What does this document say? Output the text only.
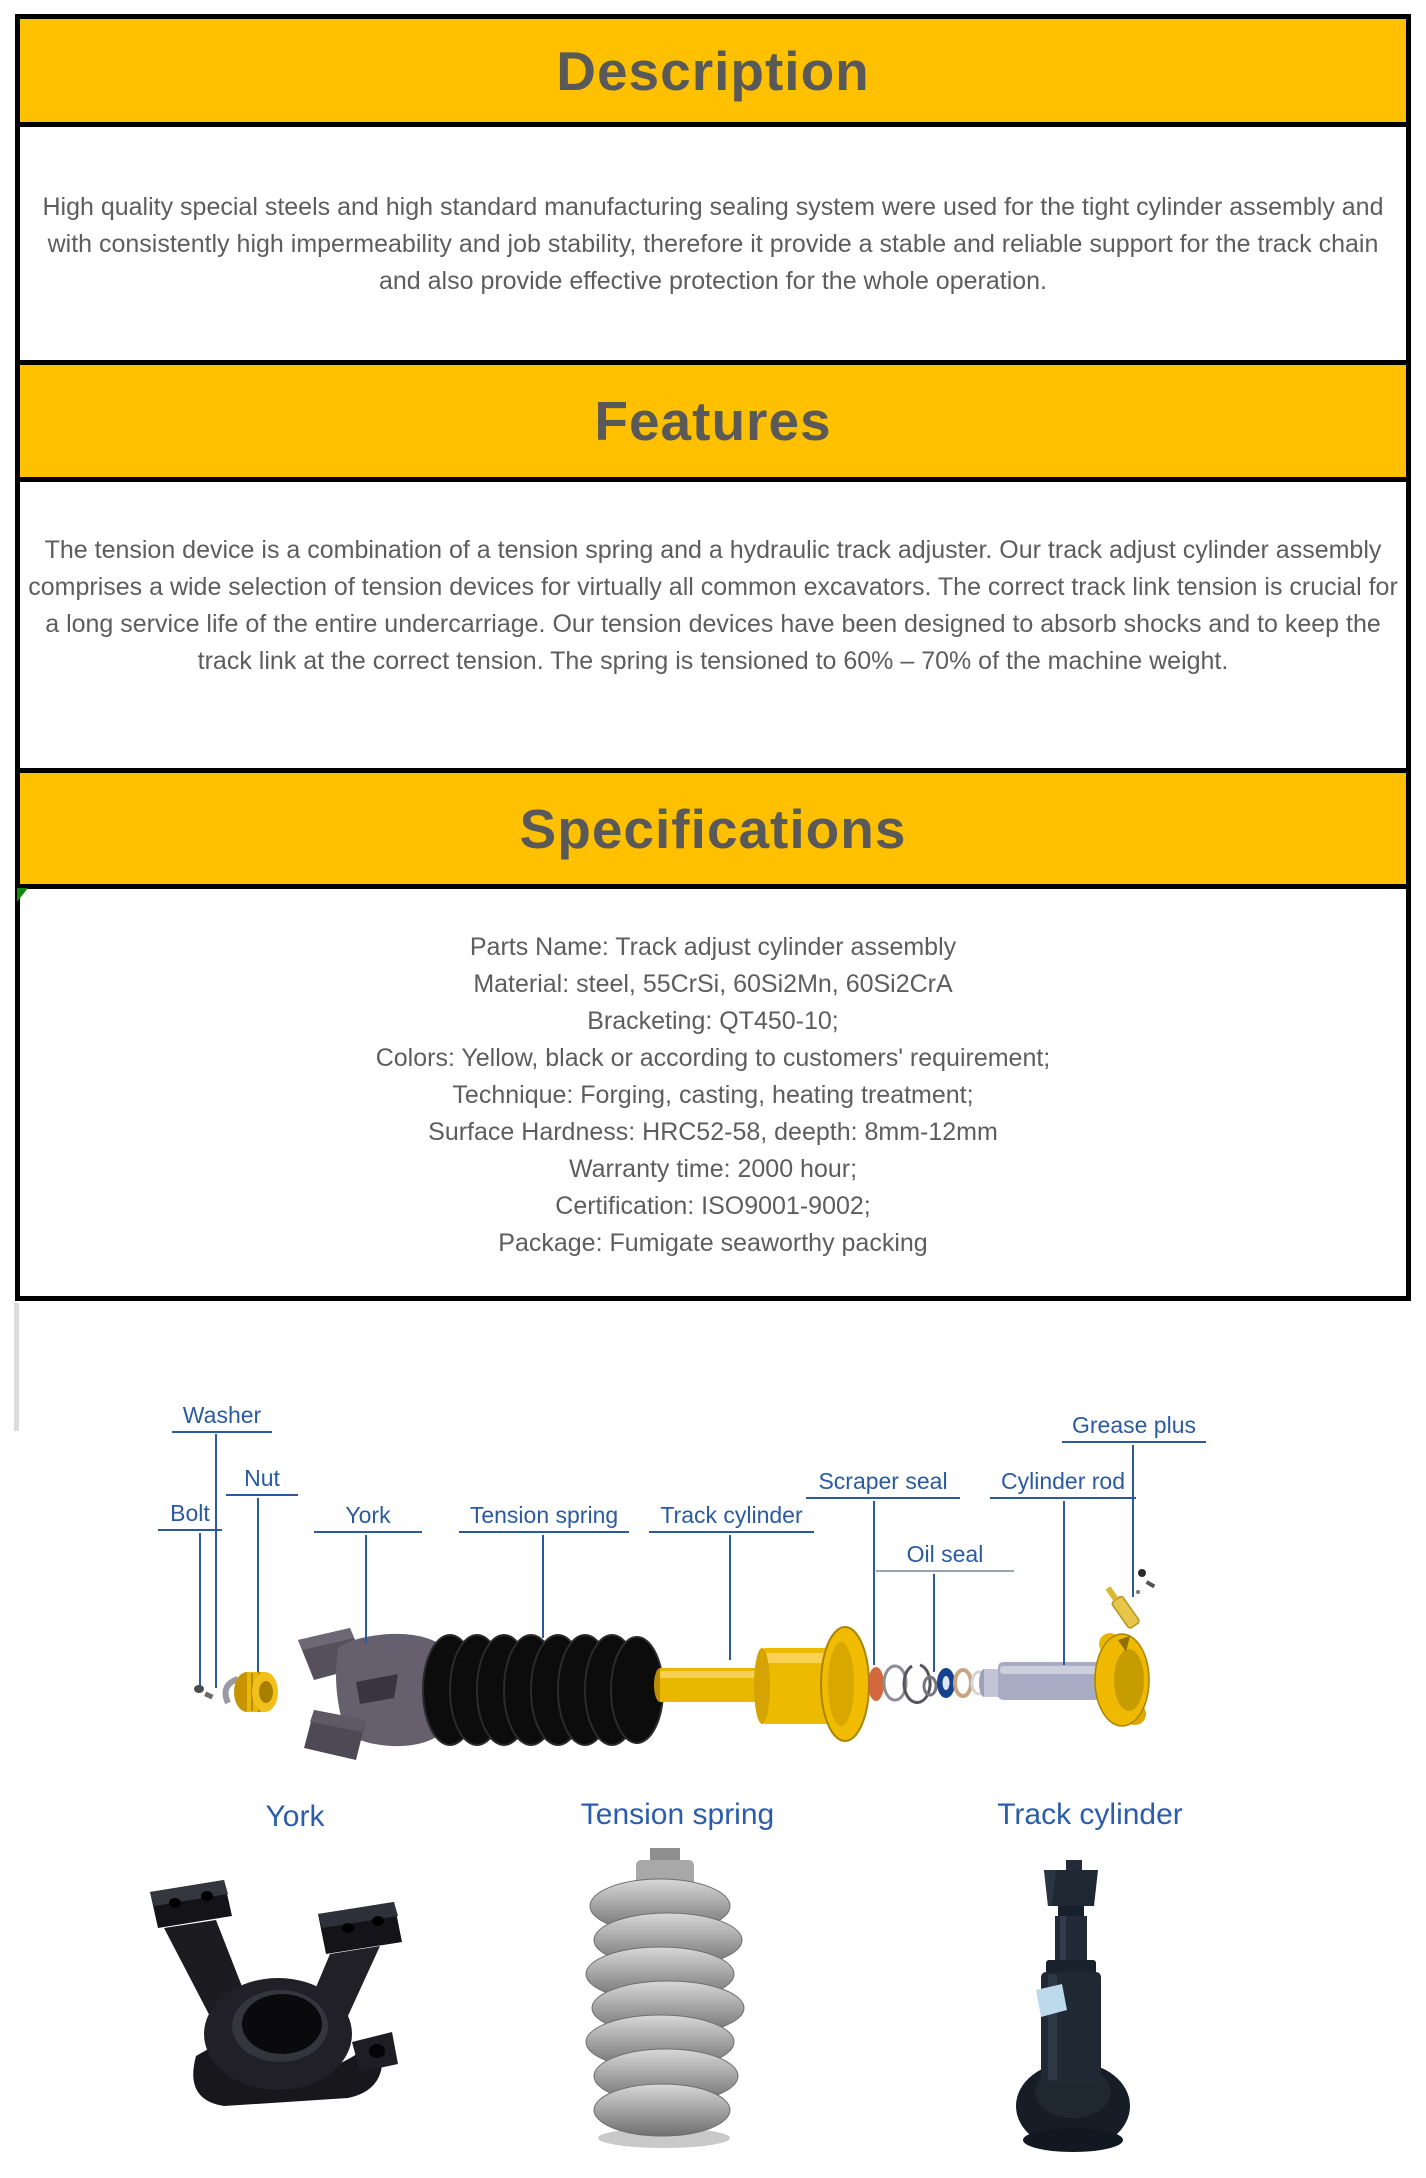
Description
High quality special steels and high standard manufacturing sealing system were used for the tight cylinder assembly and with consistently high impermeability and job stability, therefore it provide a stable and reliable support for the track chain and also provide effective protection for the whole operation.
Features
The tension device is a combination of a tension spring and a hydraulic track adjuster. Our track adjust cylinder assembly comprises a wide selection of tension devices for virtually all common excavators. The correct track link tension is crucial for a long service life of the entire undercarriage. Our tension devices have been designed to absorb shocks and to keep the track link at the correct tension. The spring is tensioned to 60% – 70% of the machine weight.
Specifications
Parts Name: Track adjust cylinder assembly
Material: steel, 55CrSi, 60Si2Mn, 60Si2CrA
Bracketing: QT450-10;
Colors: Yellow, black or according to customers' requirement;
Technique: Forging, casting, heating treatment;
Surface Hardness: HRC52-58, deepth: 8mm-12mm
Warranty time: 2000 hour;
Certification: ISO9001-9002;
Package: Fumigate seaworthy packing
Washer
Nut
Bolt	York	Tension spring	Track cylinder
Scraper seal
Oil seal
Cylinder rod
Grease plus
York	Tension spring	Track cylinder
